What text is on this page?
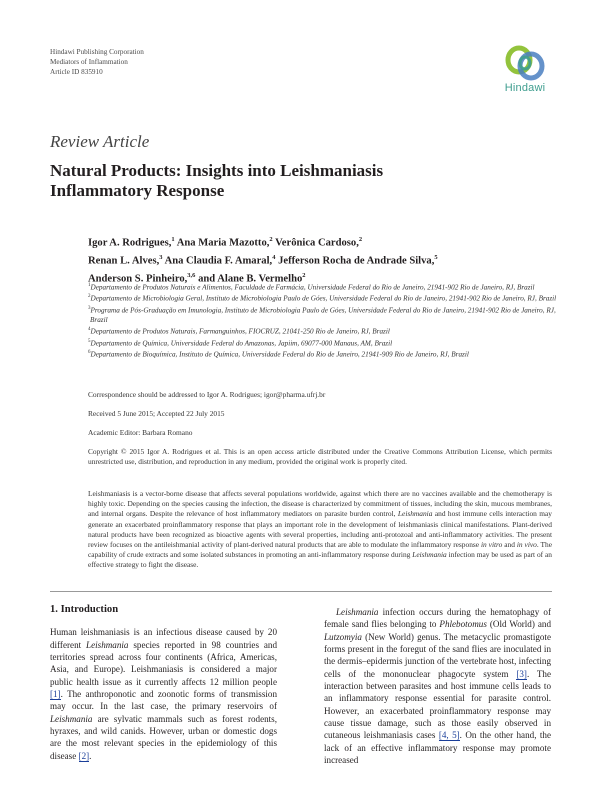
Hindawi Publishing Corporation
Mediators of Inflammation
Article ID 835910
Hindawi
Review Article
Natural Products: Insights into Leishmaniasis
Inflammatory Response
Igor A. Rodrigues,$^1$ Ana Maria Mazotto,$^2$ Verônica Cardoso,$^2$
Renan L. Alves,$^3$ Ana Claudia F. Amaral,$^4$ Jefferson Rocha de Andrade Silva,$^5$
Anderson S. Pinheiro,$^{3,6}$ and Alane B. Vermelho$^2$
$^1$Departamento de Produtos Naturais e Alimentos, Faculdade de Farmácia, Universidade Federal do Rio de Janeiro, 21941-902 Rio de Janeiro, RJ, Brazil
$^2$Departamento de Microbiologia Geral, Instituto de Microbiologia Paulo de Góes, Universidade Federal do Rio de Janeiro, 21941-902 Rio de Janeiro, RJ, Brazil
$^3$Programa de Pós-Graduação em Imunologia, Instituto de Microbiologia Paulo de Góes, Universidade Federal do Rio de Janeiro, 21941-902 Rio de Janeiro, RJ, Brazil
$^4$Departamento de Produtos Naturais, Farmanguinhos, FIOCRUZ, 21041-250 Rio de Janeiro, RJ, Brazil
$^5$Departamento de Química, Universidade Federal do Amazonas, Japiim, 69077-000 Manaus, AM, Brazil
$^6$Departamento de Bioquímica, Instituto de Química, Universidade Federal do Rio de Janeiro, 21941-909 Rio de Janeiro, RJ, Brazil
Correspondence should be addressed to Igor A. Rodrigues; igor@pharma.ufrj.br
Received 5 June 2015; Accepted 22 July 2015
Academic Editor: Barbara Romano
Copyright © 2015 Igor A. Rodrigues et al. This is an open access article distributed under the Creative Commons Attribution License, which permits unrestricted use, distribution, and reproduction in any medium, provided the original work is properly cited.
Leishmaniasis is a vector-borne disease that affects several populations worldwide, against which there are no vaccines available and the chemotherapy is highly toxic. Depending on the species causing the infection, the disease is characterized by commitment of tissues, including the skin, mucous membranes, and internal organs. Despite the relevance of host inflammatory mediators on parasite burden control, Leishmania and host immune cells interaction may generate an exacerbated proinflammatory response that plays an important role in the development of leishmaniasis clinical manifestations. Plant-derived natural products have been recognized as bioactive agents with several properties, including anti-protozoal and anti-inflammatory activities. The present review focuses on the antileishmanial activity of plant-derived natural products that are able to modulate the inflammatory response in vitro and in vivo. The capability of crude extracts and some isolated substances in promoting an anti-inflammatory response during Leishmania infection may be used as part of an effective strategy to fight the disease.
1. Introduction

Human leishmaniasis is an infectious disease caused by 20 different Leishmania species reported in 98 countries and territories spread across four continents (Africa, Americas, Asia, and Europe). Leishmaniasis is considered a major public health issue as it currently affects 12 million people [1]. The anthroponotic and zoonotic forms of transmission may occur. In the last case, the primary reservoirs of Leishmania are sylvatic mammals such as forest rodents, hyraxes, and wild canids. However, urban or domestic dogs are the most relevant species in the epidemiology of this disease [2].

Leishmania infection occurs during the hematophagy of female sand flies belonging to Phlebotomus (Old World) and Lutzomyia (New World) genus. The metacyclic promastigote forms present in the foregut of the sand flies are inoculated in the dermis–epidermis junction of the vertebrate host, infecting cells of the mononuclear phagocyte system [3]. The interaction between parasites and host immune cells leads to an inflammatory response essential for parasite control. However, an exacerbated proinflammatory response may cause tissue damage, such as those easily observed in cutaneous leishmaniasis cases [4, 5]. On the other hand, the lack of an effective inflammatory response may promote increased
